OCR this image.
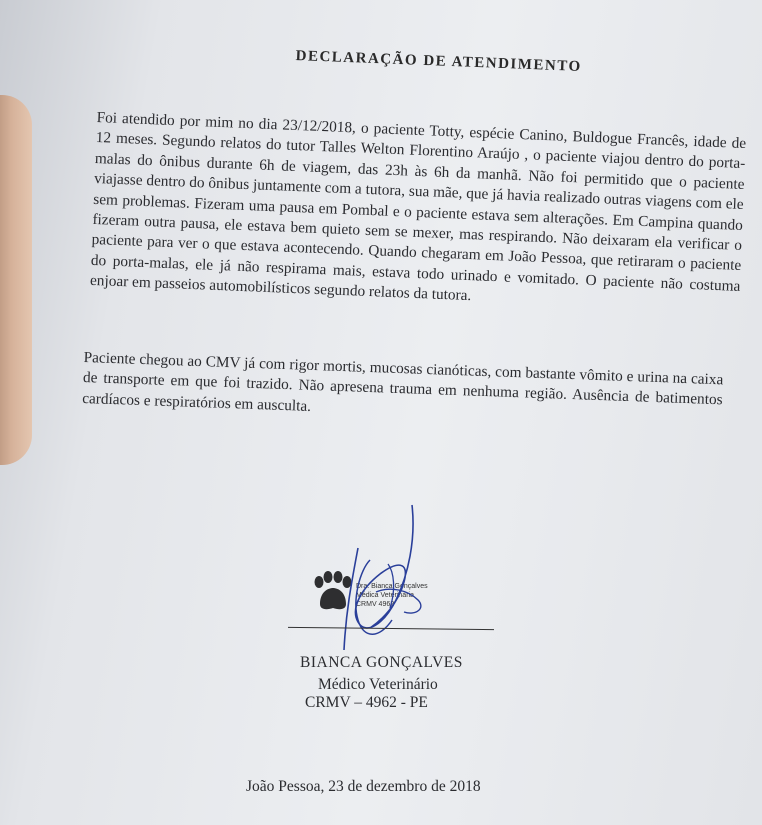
DECLARAÇÃO DE ATENDIMENTO

Foi atendido por mim no dia 23/12/2018, o paciente Totty, espécie Canino, Buldogue Francês, idade de 12 meses. Segundo relatos do tutor Talles Welton Florentino Araújo , o paciente viajou dentro do porta-malas do ônibus durante 6h de viagem, das 23h às 6h da manhã. Não foi permitido que o paciente viajasse dentro do ônibus juntamente com a tutora, sua mãe, que já havia realizado outras viagens com ele sem problemas. Fizeram uma pausa em Pombal e o paciente estava sem alterações. Em Campina quando fizeram outra pausa, ele estava bem quieto sem se mexer, mas respirando. Não deixaram ela verificar o paciente para ver o que estava acontecendo. Quando chegaram em João Pessoa, que retiraram o paciente do porta-malas, ele já não respirama mais, estava todo urinado e vomitado. O paciente não costuma enjoar em passeios automobilísticos segundo relatos da tutora.

Paciente chegou ao CMV já com rigor mortis, mucosas cianóticas, com bastante vômito e urina na caixa de transporte em que foi trazido. Não apresena trauma em nenhuma região. Ausência de batimentos cardíacos e respiratórios em ausculta.

Dra. Bianca Gonçalves
Médica Veterinária
CRMV 4962
BIANCA GONÇALVES
Médico Veterinário
CRMV – 4962 - PE
João Pessoa, 23 de dezembro de 2018
